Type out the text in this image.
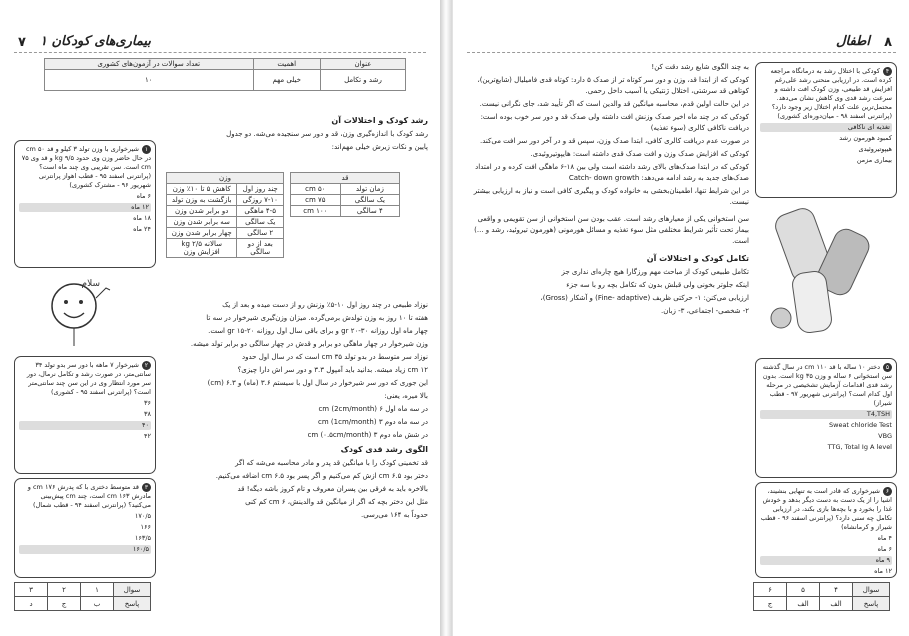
۷ بیماری‌های کودکان ۱
عنوان	اهمیت	تعداد سوالات در آزمون‌های کشوری
رشد و تکامل	خیلی مهم	۱۰
۱شیرخواری با وزن تولد ۳ کیلو و قد ۵۰ cm در حال حاضر وزن وی حدود ۹/۵ kg و قد وی ۷۵ cm است. سن تقریبی وی چند ماه است؟ (پرانترنی اسفند ۹۵ - قطب اهواز پرانترنی شهریور ۹۶ - مشترک کشوری)
۶ ماه
۱۲ ماه
۱۸ ماه
۲۴ ماه
سلام
۲شیرخوار ۷ ماهه با دور سر بدو تولد ۳۴ سانتی‌متر، در صورت رشد و تکامل نرمال، دور سر مورد انتظار وی در این سن چند سانتی‌متر است؟ (پرانترنی اسفند ۹۵ - کشوری)
۳۶
۳۸
۴۰
۴۲
۳قد متوسط دختری با که پدرش ۱۷۶ cm و مادرش ۱۶۳ cm است، چند cm پیش‌بینی می‌کنید؟ (پرانترنی اسفند ۹۴ - قطب شمال)
۱۷۰/۵
۱۶۶
۱۶۳/۵
۱۶۰/۵
سوال	۱	۲	۳
پاسخ	ب	ج	د
رشد کودک و اختلالات آن

رشد کودک با اندازه‌گیری وزن، قد و دور سر سنجیده می‌شه. دو جدول

پایین و نکات زیرش خیلی مهم‌اند:

قد	
زمان تولد	۵۰ cm
یک سالگی	۷۵ cm
۴ سالگی	۱۰۰ cm
وزن	
چند روز اول	کاهش ۵ تا ۱۰٪ وزن
۷-۱۰ روزگی	بازگشت به وزن تولد
۴-۵ ماهگی	دو برابر شدن وزن
یک سالگی	سه برابر شدن وزن
۲ سالگی	چهار برابر شدن وزن
بعد از دو سالگی	سالانه ۲/۵ kg افزایش وزن

نوزاد طبیعی در چند روز اول ۱۰-۵٪ وزنش رو از دست میده و بعد از یک

هفته تا ۱۰ روز به وزن تولدش برمی‌گرده. میزان وزن‌گیری شیرخوار در سه تا

چهار ماه اول روزانه ۳۰-۲۰ gr و برای باقی سال اول روزانه ۲۰-۱۵ gr است.

وزن شیرخوار در چهار ماهگی دو برابر و قدش در چهار سالگی دو برابر تولد میشه.

نوزاد سر متوسط در بدو تولد ۳۵ cm است که در سال اول حدود

۱۲ cm زیاد میشه. بدانید باید آمپول ۳.۳ و دور سر اش دارا چیزی؟

این جوری که دور سر شیرخوار در سال اول با سیستم ۳.۶ (ماه) و ۶.۳ (cm)

بالا میره، یعنی:

در سه ماه اول ۶ cm (2cm/month)

در سه ماه دوم ۳ cm (1cm/month)

در شش ماه دوم ۳ cm (۰.۵cm/month)

الگوی رشد قدی کودک

قد تخمینی کودک را با میانگین قد پدر و مادر محاسبه می‌شه که اگر

دختر بود ۶.۵ cm ازش کم می‌کنیم و اگر پسر بود ۶.۵ cm اضافه می‌کنیم.

بالاخره باید به فرقی بین پسران معروف و تام کروز باشه دیگه! قد

مثل این دختر بچه که اگر از میانگین قد والدینش، ۶ cm کم کنی

حدوداً به ۱۶۴ می‌رسی.

۸
اطفال

به چند الگوی شایع رشد دقت کن!

کودکی که از ابتدا قد، وزن و دور سر کوتاه تر از صدک ۵ دارد: کوتاه قدی فامیلیال (شایع‌ترین)، کوتاهی قد سرشتی، اختلال ژنتیکی یا آسیب داخل رحمی.

در این حالت اولین قدم، محاسبه میانگین قد والدین است که اگر تأیید شد، جای نگرانی نیست.

کودکی که در چند ماه اخیر صدک وزنش افت داشته ولی صدک قد و دور سر خوب بوده است: دریافت ناکافی کالری (سوء تغذیه)

در صورت عدم دریافت کالری کافی، ابتدا صدک وزن، سپس قد و در آخر دور سر افت می‌کند.

کودکی که افزایش صدک وزن و افت صدک قدی داشته است: هایپوتیروئیدی.

کودکی که در ابتدا صدک‌های بالای رشد داشته است ولی بین ۱۸-۶ ماهگی افت کرده و در امتداد صدک‌های جدید به رشد ادامه می‌دهد: Catch- down growth

در این شرایط تنها، اطمینان‌بخشی به خانواده کودک و پیگیری کافی است و نیاز به ارزیابی بیشتر نیست.

سن استخوانی یکی از معیارهای رشد است. عقب بودن سن استخوانی از سن تقویمی و واقعی بیمار تحت تأثیر شرایط مختلفی مثل سوء تغذیه و مسائل هورمونی (هورمون تیروئید، رشد و ...) است.

تکامل کودک و اختلالات آن

تکامل طبیعی کودک از مباحث مهم ورزگارا هیچ چاره‌ای نداری جز

اینکه جلوتر بخونی ولی قبلش بدون که تکامل بچه رو با سه جزء

ارزیابی می‌کنن: ۱- حرکتی ظریف (Fine- adaptive) و آشکار (Gross)،

۲- شخصی- اجتماعی، ۳- زبان.

۴کودکی با اختلال رشد به درمانگاه مراجعه کرده است. در ارزیابی منحنی رشد علی‌رغم افزایش قد طبیعی، وزن کودک افت داشته و سرعت رشد قدی وی کاهش نشان می‌دهد. محتمل‌ترین علت کدام اختلال زیر وجود دارد؟ (پرانترنی اسفند ۹۸ - میان‌دوره‌ای کشوری)
تغذیه ای ناکافی
کمبود هورمون رشد
هیپوتیروئیدی
بیماری مزمن
۵دختر ۱۰ ساله با قد ۱۱۰ cm در سال گذشته سن استخوانی ۶ ساله و وزن ۳۵ kg است. بدون رشد قدی اقدامات آزمایش تشخیصی در مرحله اول کدام است؟ (پرانترنی شهریور ۹۷ - قطب شیراز)
T4,TSH
Sweat chloride Test
VBG
TTG, Total Ig A level
۶شیرخواری که قادر است به تنهایی بنشیند، اشیا را از یک دست به دست دیگر بدهد و خودش غذا را بخورد و با بچه‌ها بازی بکند، در ارزیابی تکامل چه سنی دارد؟ (پرانترنی اسفند ۹۶ - قطب شیراز و کرمانشاه)
۴ ماه
۶ ماه
۹ ماه
۱۲ ماه
سوال	۴	۵	۶
پاسخ	الف	الف	ج
